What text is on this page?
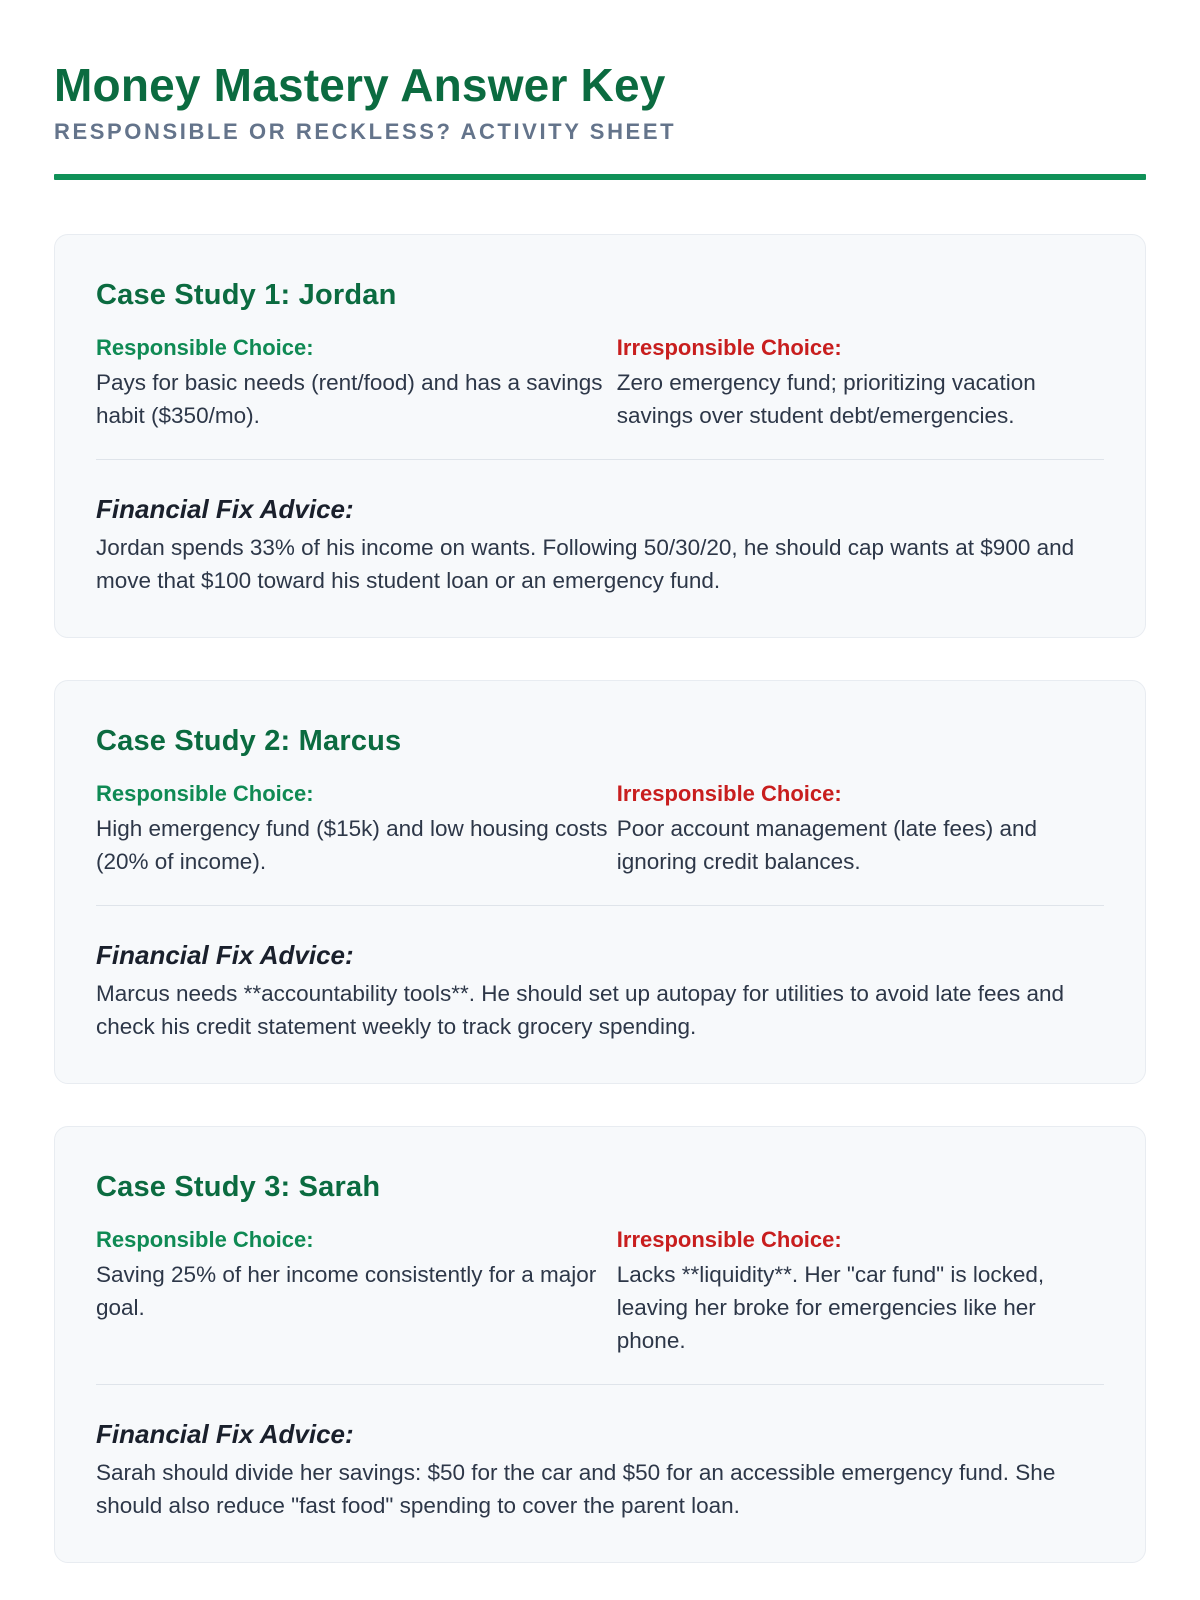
Money Mastery Answer Key
RESPONSIBLE OR RECKLESS? ACTIVITY SHEET
Case Study 1: Jordan
Responsible Choice:
Pays for basic needs (rent/food) and has a savings habit ($350/mo).
Irresponsible Choice:
Zero emergency fund; prioritizing vacation savings over student debt/emergencies.
Financial Fix Advice:
Jordan spends 33% of his income on wants. Following 50/30/20, he should cap wants at $900 and move that $100 toward his student loan or an emergency fund.
Case Study 2: Marcus
Responsible Choice:
High emergency fund ($15k) and low housing costs (20% of income).
Irresponsible Choice:
Poor account management (late fees) and ignoring credit balances.
Financial Fix Advice:
Marcus needs **accountability tools**. He should set up autopay for utilities to avoid late fees and check his credit statement weekly to track grocery spending.
Case Study 3: Sarah
Responsible Choice:
Saving 25% of her income consistently for a major goal.
Irresponsible Choice:
Lacks **liquidity**. Her "car fund" is locked, leaving her broke for emergencies like her phone.
Financial Fix Advice:
Sarah should divide her savings: $50 for the car and $50 for an accessible emergency fund. She should also reduce "fast food" spending to cover the parent loan.
